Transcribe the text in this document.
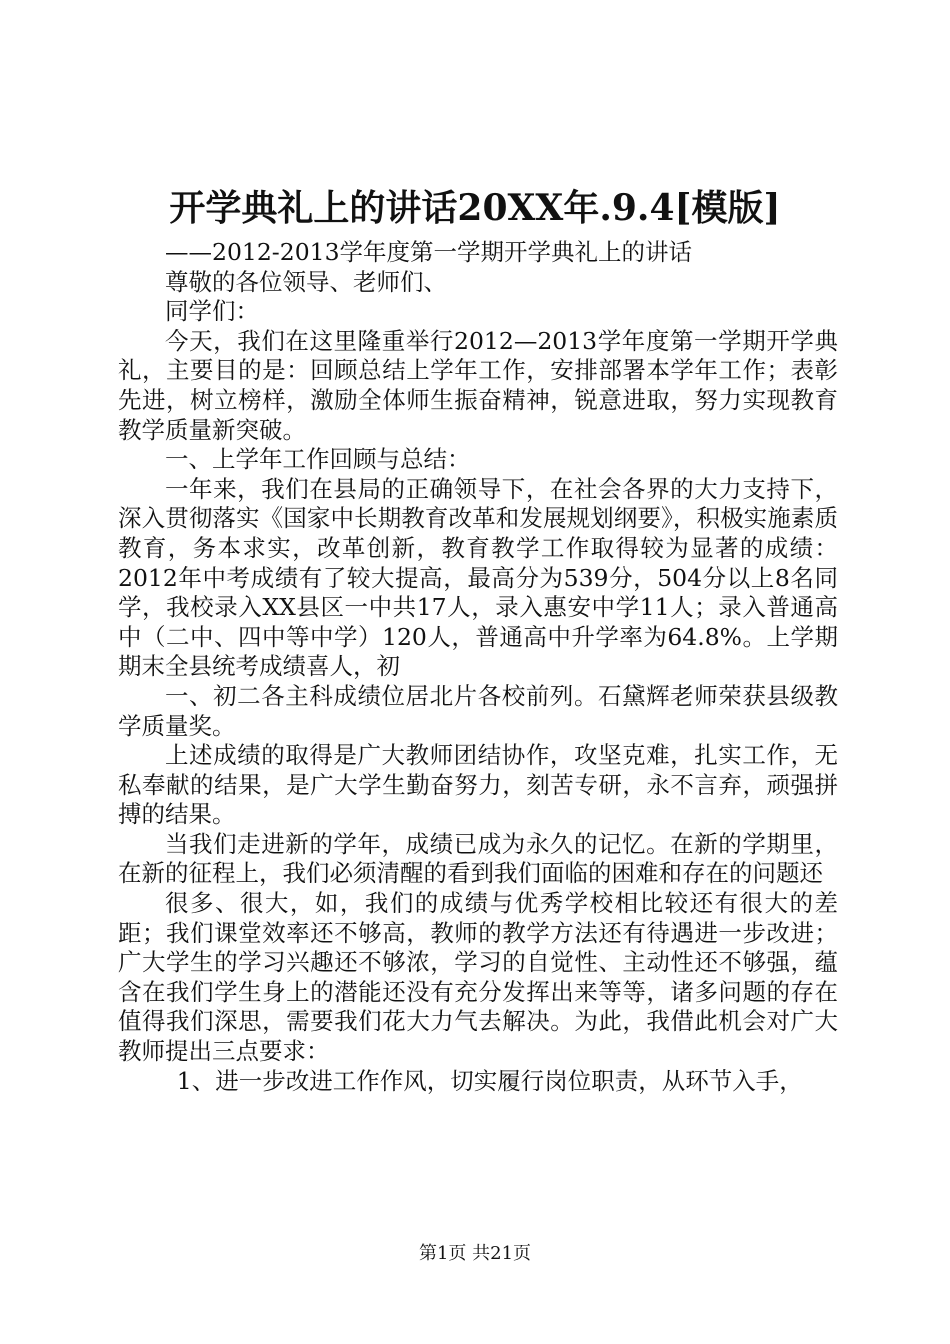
开学典礼上的讲话20XX年.9.4[模版]

——2012-2013学年度第一学期开学典礼上的讲话

尊敬的各位领导、老师们、

同学们：

今天，我们在这里隆重举行2012—2013学年度第一学期开学典礼，主要目的是：回顾总结上学年工作，安排部署本学年工作；表彰先进，树立榜样，激励全体师生振奋精神，锐意进取，努力实现教育教学质量新突破。

一、上学年工作回顾与总结：

一年来，我们在县局的正确领导下，在社会各界的大力支持下，深入贯彻落实《国家中长期教育改革和发展规划纲要》，积极实施素质教育，务本求实，改革创新，教育教学工作取得较为显著的成绩：2012年中考成绩有了较大提高，最高分为539分，504分以上8名同学，我校录入XX县区一中共17人，录入惠安中学11人；录入普通高中（二中、四中等中学）120人，普通高中升学率为64.8%。上学期期末全县统考成绩喜人，初

一、初二各主科成绩位居北片各校前列。石黛辉老师荣获县级教学质量奖。

上述成绩的取得是广大教师团结协作，攻坚克难，扎实工作，无私奉献的结果，是广大学生勤奋努力，刻苦专研，永不言弃，顽强拼搏的结果。

当我们走进新的学年，成绩已成为永久的记忆。在新的学期里，在新的征程上，我们必须清醒的看到我们面临的困难和存在的问题还

很多、很大，如，我们的成绩与优秀学校相比较还有很大的差距；我们课堂效率还不够高，教师的教学方法还有待遇进一步改进；广大学生的学习兴趣还不够浓，学习的自觉性、主动性还不够强，蕴含在我们学生身上的潜能还没有充分发挥出来等等，诸多问题的存在值得我们深思，需要我们花大力气去解决。为此，我借此机会对广大教师提出三点要求：

1、进一步改进工作作风，切实履行岗位职责，从环节入手，

第1页 共21页
